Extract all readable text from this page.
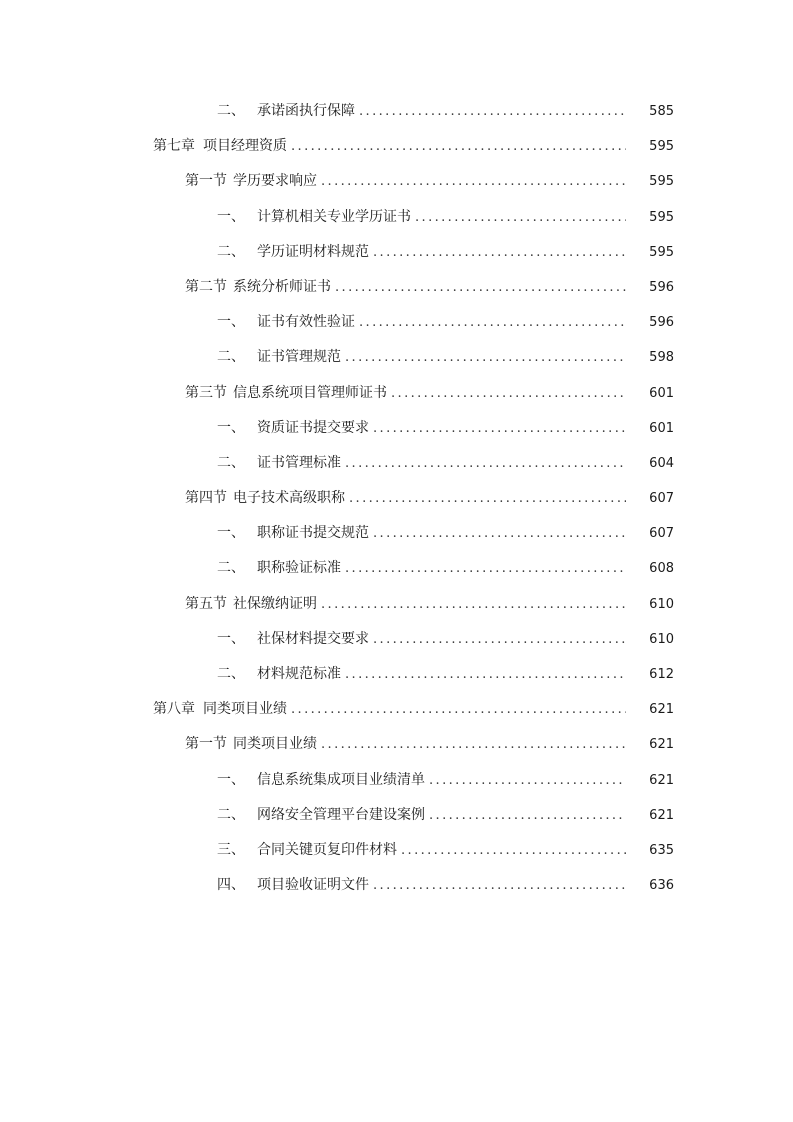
二、 承诺函执行保障 .....	585
第七章 项目经理资质 .....	595
第一节 学历要求响应 .....	595
一、 计算机相关专业学历证书 .....	595
二、 学历证明材料规范 .....	595
第二节 系统分析师证书 .....	596
一、 证书有效性验证 .....	596
二、 证书管理规范 .....	598
第三节 信息系统项目管理师证书 .....	601
一、 资质证书提交要求 .....	601
二、 证书管理标准 .....	604
第四节 电子技术高级职称 .....	607
一、 职称证书提交规范 .....	607
二、 职称验证标准 .....	608
第五节 社保缴纳证明 .....	610
一、 社保材料提交要求 .....	610
二、 材料规范标准 .....	612
第八章 同类项目业绩 .....	621
第一节 同类项目业绩 .....	621
一、 信息系统集成项目业绩清单 .....	621
二、 网络安全管理平台建设案例 .....	621
三、 合同关键页复印件材料 .....	635
四、 项目验收证明文件 .....	636
